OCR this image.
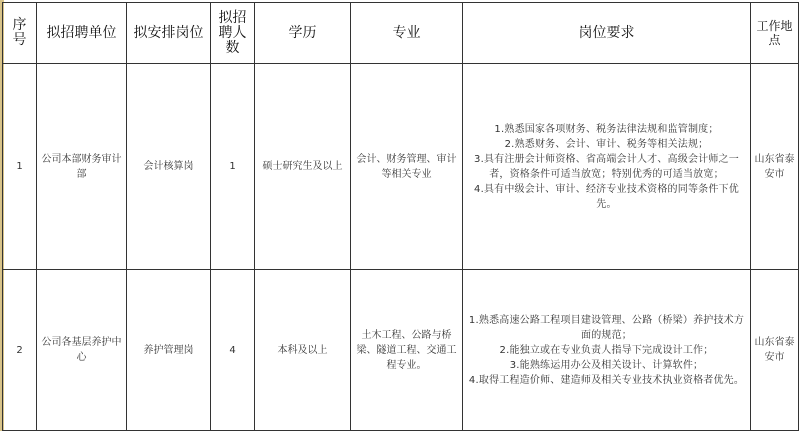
序号	拟招聘单位	拟安排岗位	拟招聘人数	学历	专业	岗位要求	工作地点
1	公司本部财务审计部	会计核算岗	1	硕士研究生及以上	会计、财务管理、审计等相关专业	1.熟悉国家各项财务、税务法律法规和监管制度；
2.熟悉财务、会计、审计、税务等相关法规；
3.具有注册会计师资格、省高端会计人才、高级会计师之一者，资格条件可适当放宽；特别优秀的可适当放宽；
4.具有中级会计、审计、经济专业技术资格的同等条件下优先。	山东省泰安市
2	公司各基层养护中心	养护管理岗	4	本科及以上	土木工程、公路与桥梁、隧道工程、交通工程专业。	1.熟悉高速公路工程项目建设管理、公路（桥梁）养护技术方面的规范；
2.能独立或在专业负责人指导下完成设计工作；
3.能熟练运用办公及相关设计、计算软件；
4.取得工程造价师、建造师及相关专业技术执业资格者优先。	山东省泰安市
